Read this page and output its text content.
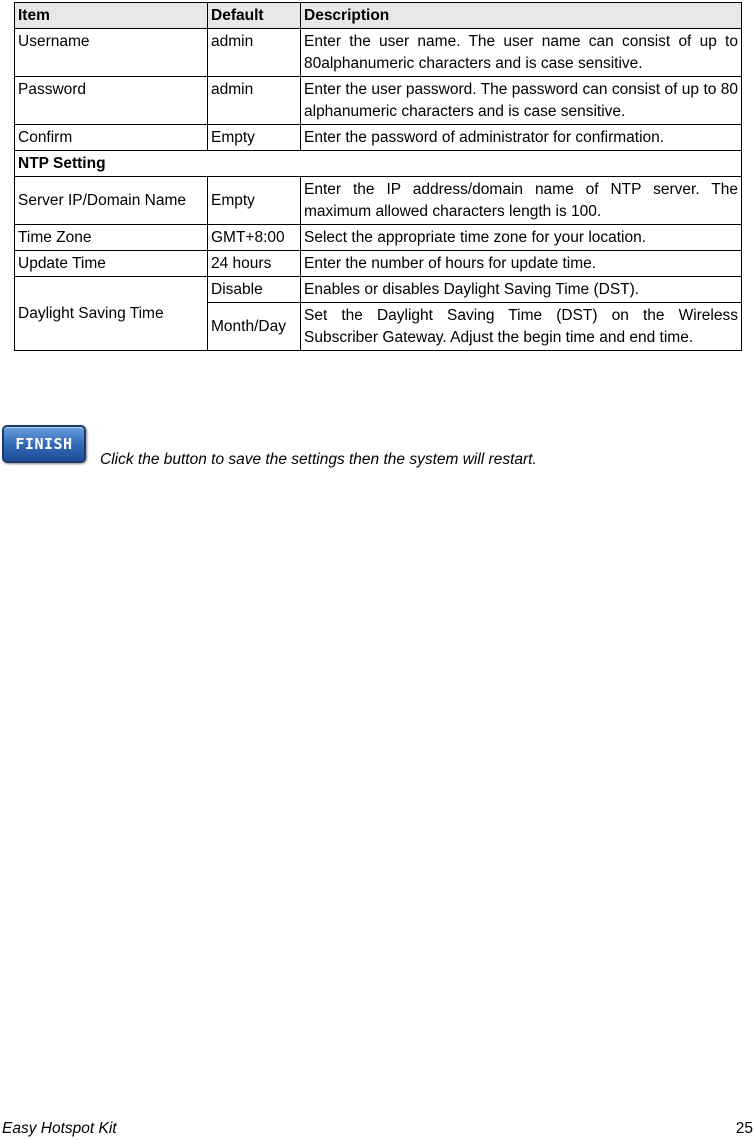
Item	Default	Description
Username	admin	Enter the user name. The user name can consist of up to 80alphanumeric characters and is case sensitive.
Password	admin	Enter the user password. The password can consist of up to 80 alphanumeric characters and is case sensitive.
Confirm	Empty	Enter the password of administrator for confirmation.
NTP Setting		
Server IP/Domain Name	Empty	Enter the IP address/domain name of NTP server. The maximum allowed characters length is 100.
Time Zone	GMT+8:00	Select the appropriate time zone for your location.
Update Time	24 hours	Enter the number of hours for update time.
Daylight Saving Time	Disable	Enables or disables Daylight Saving Time (DST).
	Month/Day	Set the Daylight Saving Time (DST) on the Wireless Subscriber Gateway. Adjust the begin time and end time.
FINISH
Click the button to save the settings then the system will restart.
Easy Hotspot Kit	25
